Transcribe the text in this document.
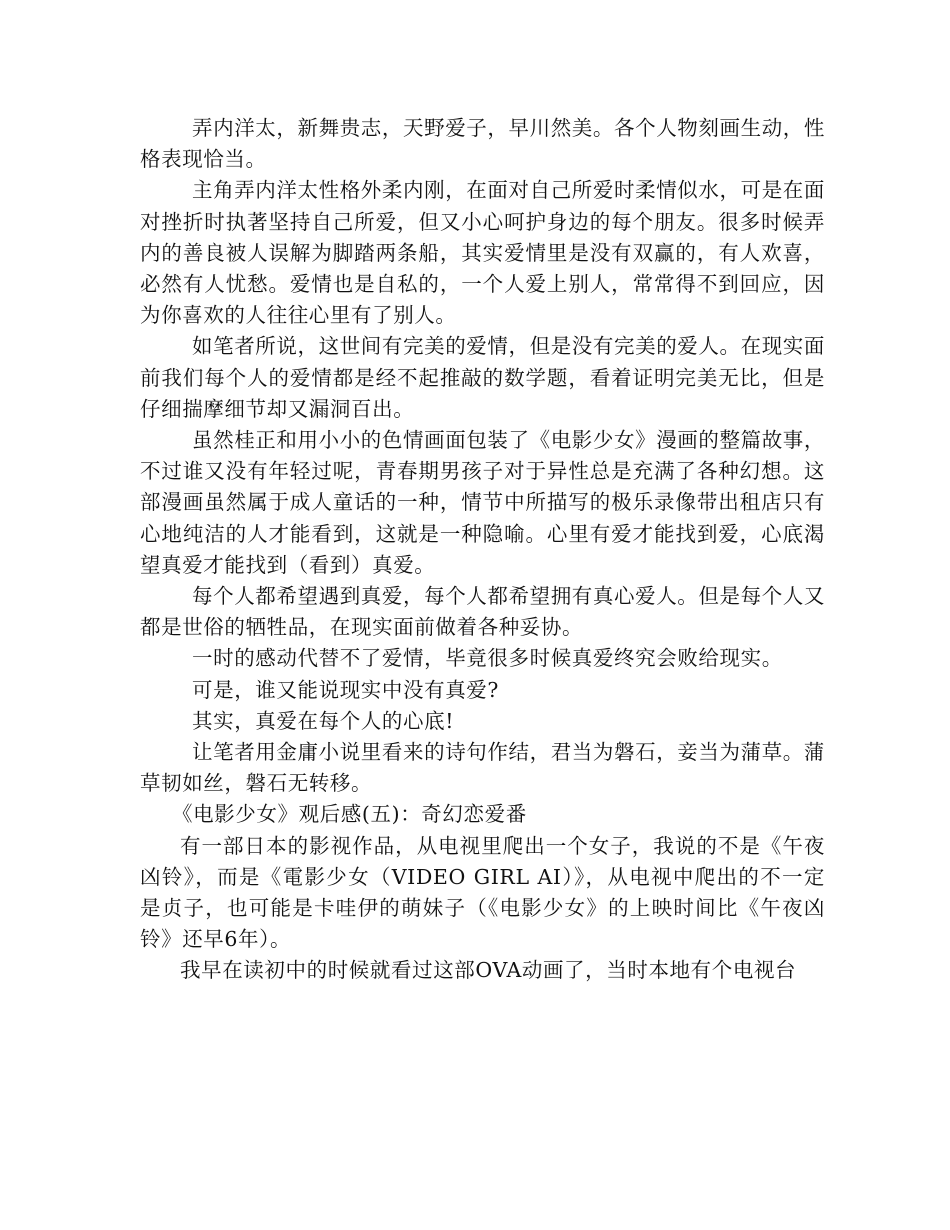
弄内洋太，新舞贵志，天野爱子，早川然美。各个人物刻画生动，性格表现恰当。

主角弄内洋太性格外柔内刚，在面对自己所爱时柔情似水，可是在面对挫折时执著坚持自己所爱，但又小心呵护身边的每个朋友。很多时候弄内的善良被人误解为脚踏两条船，其实爱情里是没有双赢的，有人欢喜，必然有人忧愁。爱情也是自私的，一个人爱上别人，常常得不到回应，因为你喜欢的人往往心里有了别人。

如笔者所说，这世间有完美的爱情，但是没有完美的爱人。在现实面前我们每个人的爱情都是经不起推敲的数学题，看着证明完美无比，但是仔细揣摩细节却又漏洞百出。

虽然桂正和用小小的色情画面包装了《电影少女》漫画的整篇故事，不过谁又没有年轻过呢，青春期男孩子对于异性总是充满了各种幻想。这部漫画虽然属于成人童话的一种，情节中所描写的极乐录像带出租店只有心地纯洁的人才能看到，这就是一种隐喻。心里有爱才能找到爱，心底渴望真爱才能找到（看到）真爱。

每个人都希望遇到真爱，每个人都希望拥有真心爱人。但是每个人又都是世俗的牺牲品，在现实面前做着各种妥协。

一时的感动代替不了爱情，毕竟很多时候真爱终究会败给现实。

可是，谁又能说现实中没有真爱?

其实，真爱在每个人的心底!

让笔者用金庸小说里看来的诗句作结，君当为磐石，妾当为蒲草。蒲草韧如丝，磐石无转移。

《电影少女》观后感(五)：奇幻恋爱番

有一部日本的影视作品，从电视里爬出一个女子，我说的不是《午夜凶铃》，而是《電影少女（VIDEO GIRL AI）》，从电视中爬出的不一定是贞子，也可能是卡哇伊的萌妹子（《电影少女》的上映时间比《午夜凶铃》还早6年）。

我早在读初中的时候就看过这部OVA动画了，当时本地有个电视台
